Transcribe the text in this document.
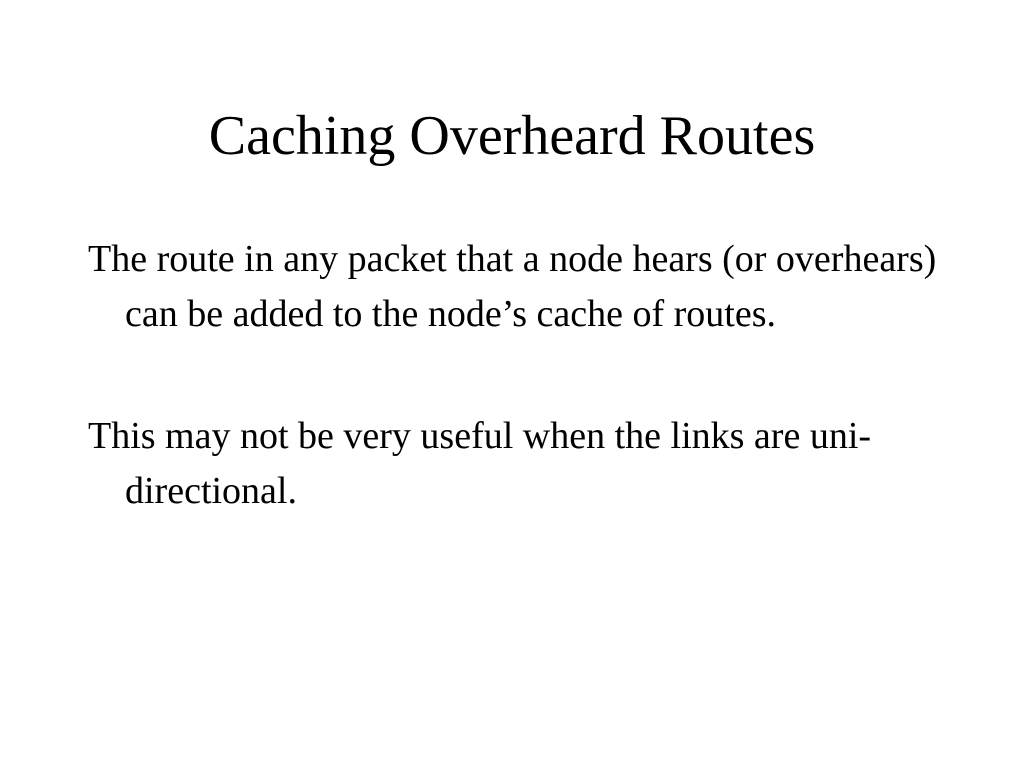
Caching Overheard Routes
The route in any packet that a node hears (or overhears) can be added to the node’s cache of routes.
This may not be very useful when the links are uni-directional.
